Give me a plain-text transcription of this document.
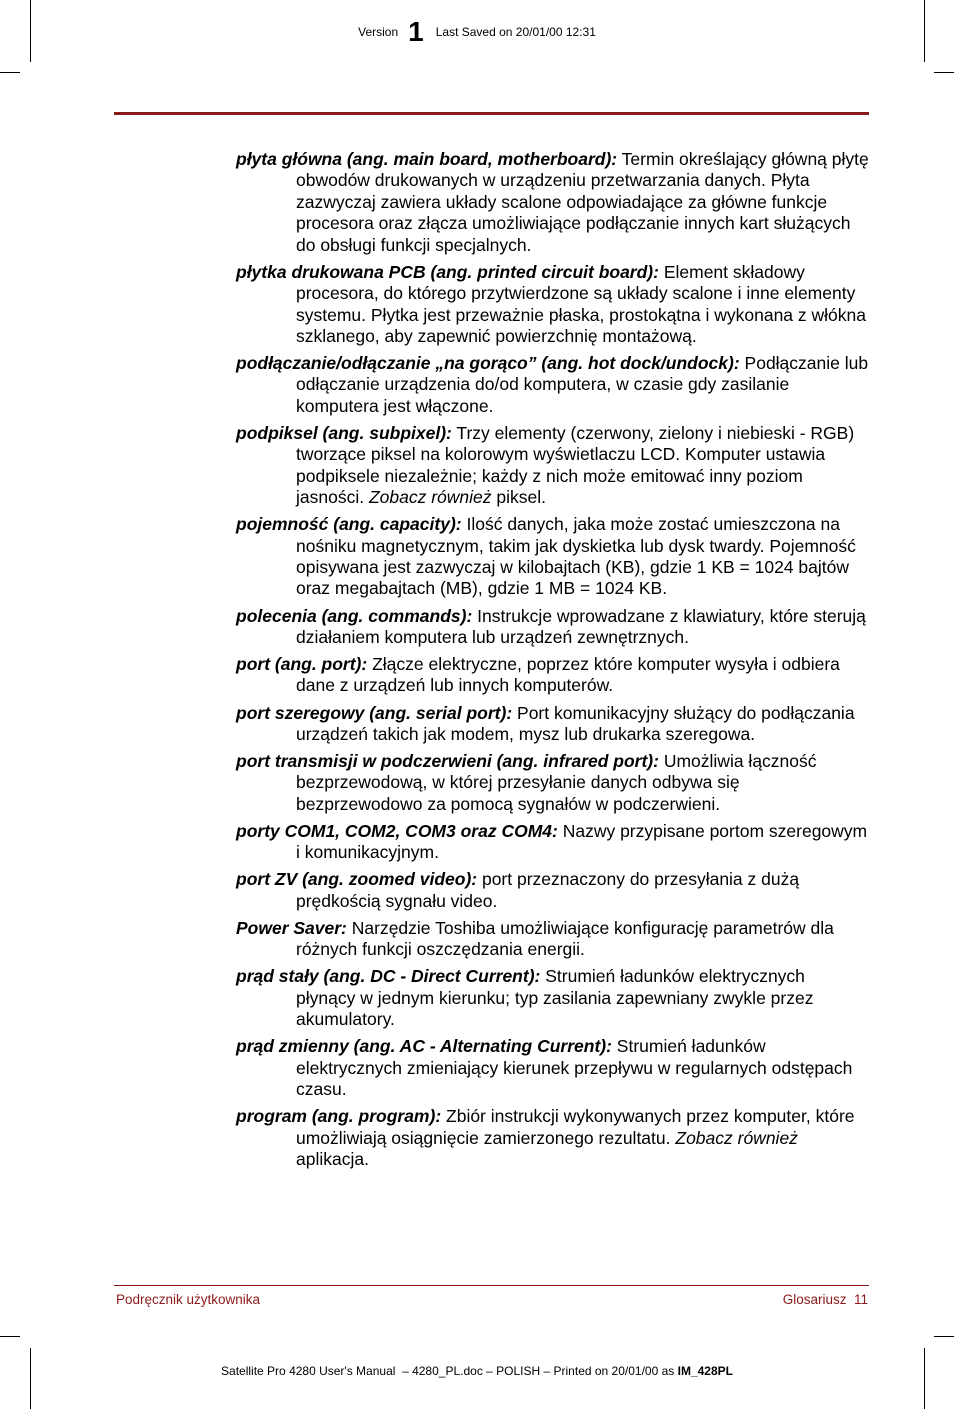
Version 1 Last Saved on 20/01/00 12:31

płyta główna (ang. main board, motherboard): Termin określający główną płytę obwodów drukowanych w urządzeniu przetwarzania danych. Płyta zazwyczaj zawiera układy scalone odpowiadające za główne funkcje procesora oraz złącza umożliwiające podłączanie innych kart służących do obsługi funkcji specjalnych.

płytka drukowana PCB (ang. printed circuit board): Element składowy procesora, do którego przytwierdzone są układy scalone i inne elementy systemu. Płytka jest przeważnie płaska, prostokątna i wykonana z włókna szklanego, aby zapewnić powierzchnię montażową.

podłączanie/odłączanie „na gorąco” (ang. hot dock/undock): Podłączanie lub odłączanie urządzenia do/od komputera, w czasie gdy zasilanie komputera jest włączone.

podpiksel (ang. subpixel): Trzy elementy (czerwony, zielony i niebieski - RGB) tworzące piksel na kolorowym wyświetlaczu LCD. Komputer ustawia podpiksele niezależnie; każdy z nich może emitować inny poziom jasności. Zobacz również piksel.

pojemność (ang. capacity): Ilość danych, jaka może zostać umieszczona na nośniku magnetycznym, takim jak dyskietka lub dysk twardy. Pojemność opisywana jest zazwyczaj w kilobajtach (KB), gdzie 1 KB = 1024 bajtów oraz megabajtach (MB), gdzie 1 MB = 1024 KB.

polecenia (ang. commands): Instrukcje wprowadzane z klawiatury, które sterują działaniem komputera lub urządzeń zewnętrznych.

port (ang. port): Złącze elektryczne, poprzez które komputer wysyła i odbiera dane z urządzeń lub innych komputerów.

port szeregowy (ang. serial port): Port komunikacyjny służący do podłączania urządzeń takich jak modem, mysz lub drukarka szeregowa.

port transmisji w podczerwieni (ang. infrared port): Umożliwia łączność bezprzewodową, w której przesyłanie danych odbywa się bezprzewodowo za pomocą sygnałów w podczerwieni.

porty COM1, COM2, COM3 oraz COM4: Nazwy przypisane portom szeregowym i komunikacyjnym.

port ZV (ang. zoomed video): port przeznaczony do przesyłania z dużą prędkością sygnału video.

Power Saver: Narzędzie Toshiba umożliwiające konfigurację parametrów dla różnych funkcji oszczędzania energii.

prąd stały (ang. DC - Direct Current): Strumień ładunków elektrycznych płynący w jednym kierunku; typ zasilania zapewniany zwykle przez akumulatory.

prąd zmienny (ang. AC - Alternating Current): Strumień ładunków elektrycznych zmieniający kierunek przepływu w regularnych odstępach czasu.

program (ang. program): Zbiór instrukcji wykonywanych przez komputer, które umożliwiają osiągnięcie zamierzonego rezultatu. Zobacz również aplikacja.

Podręcznik użytkownika	Glosariusz  11
Satellite Pro 4280 User's Manual  – 4280_PL.doc – POLISH – Printed on 20/01/00 as IM_428PL
